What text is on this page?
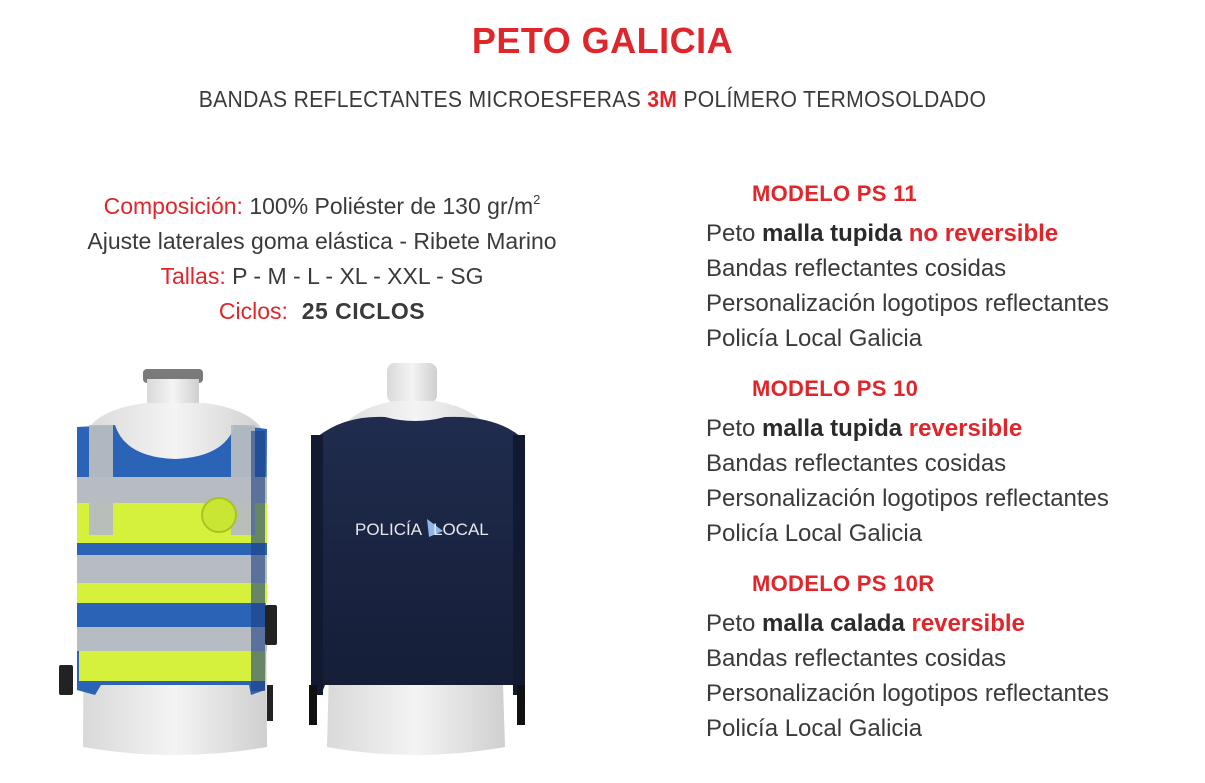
PETO GALICIA
BANDAS REFLECTANTES MICROESFERAS 3M POLÍMERO TERMOSOLDADO
Composición: 100% Poliéster de 130 $gr/m^2$
Ajuste laterales goma elástica - Ribete Marino
Tallas: P - M - L - XL - XXL - SG
Ciclos:  25 CICLOS
MODELO PS 11
Peto malla tupida no reversible
Bandas reflectantes cosidas
Personalización logotipos reflectantes
Policía Local Galicia
MODELO PS 10
Peto malla tupida reversible
Bandas reflectantes cosidas
Personalización logotipos reflectantes
Policía Local Galicia
MODELO PS 10R
Peto malla calada reversible
Bandas reflectantes cosidas
Personalización logotipos reflectantes
Policía Local Galicia
POLICÍA LOCAL
